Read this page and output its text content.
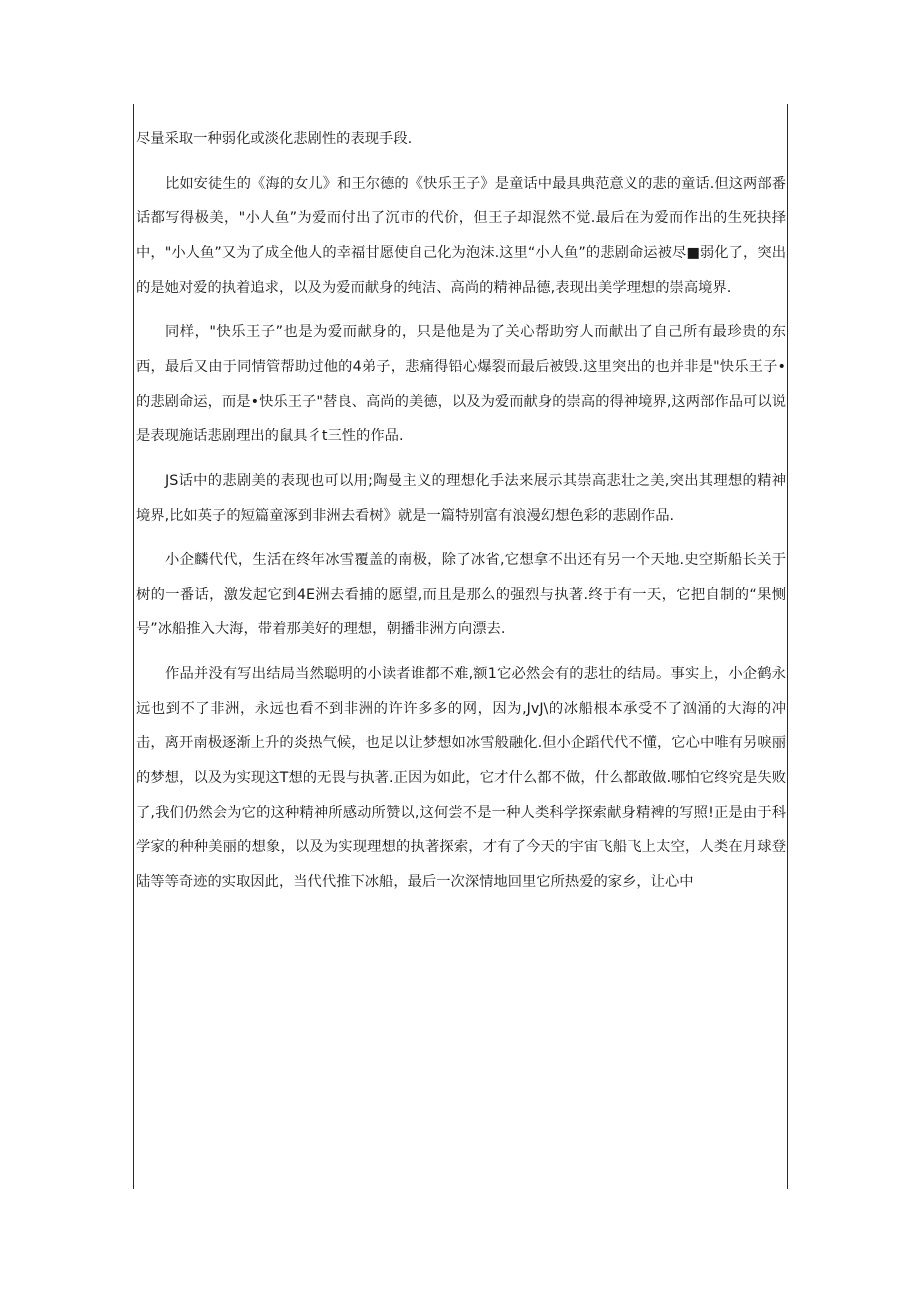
尽量采取一种弱化或淡化悲剧性的表现手段.

比如安徒生的《海的女儿》和王尔德的《快乐王子》是童话中最具典范意义的悲的童话.但这两部番话都写得极美，"小人鱼”为爱而付出了沉市的代价，但王子却混然不觉.最后在为爱而作出的生死抉择中，"小人鱼”又为了成全他人的幸福甘愿使自己化为泡沫.这里“小人鱼”的悲剧命运被尽■弱化了，突出的是她对爱的执着追求，以及为爱而献身的纯洁、高尚的精神品德,表现出美学理想的崇高境界.

同样，"快乐王子”也是为爱而献身的，只是他是为了关心帮助穷人而献出了自己所有最珍贵的东西，最后又由于同情管帮助过他的4弟子，悲痛得铅心爆裂而最后被毁.这里突出的也并非是"快乐王子•的悲剧命运，而是•快乐王子"替良、高尚的美德，以及为爱而献身的崇高的得神境界,这两部作品可以说是表现施话悲剧理出的鼠具彳t三性的作品.

JS话中的悲剧美的表现也可以用;陶曼主义的理想化手法来展示其崇高悲壮之美,突出其理想的精神境界,比如英子的短篇童涿到非洲去看树》就是一篇特别富有浪漫幻想色彩的悲剧作品.

小企麟代代，生活在终年冰雪覆盖的南极，除了冰省,它想拿不出还有另一个天地.史空斯船长关于树的一番话，激发起它到4E洲去看捕的愿望,而且是那么的强烈与执著.终于有一天，它把自制的“果恻号”冰船推入大海，带着那美好的理想，朝播非洲方向漂去.

作品并没有写出结局当然聪明的小读者谁都不难,额1它必然会有的悲壮的结局。事实上，小企鹤永远也到不了非洲，永远也看不到非洲的许许多多的网，因为,JvJ\的冰船根本承受不了汹涌的大海的冲击，离开南极逐渐上升的炎热气候，也足以让梦想如冰雪般融化.但小企蹈代代不懂，它心中唯有另唳丽的梦想，以及为实现这T想的无畏与执著.正因为如此，它才什么都不做，什么都敢做.哪怕它终究是失败了,我们仍然会为它的这种精神所感动所赞以,这何尝不是一种人类科学探索献身精裨的写照!正是由于科学家的种种美丽的想象，以及为实现理想的执著探索，才有了今天的宇宙飞船飞上太空，人类在月球登陆等等奇迹的实取因此，当代代推下冰船，最后一次深情地回里它所热爱的家乡，让心中
